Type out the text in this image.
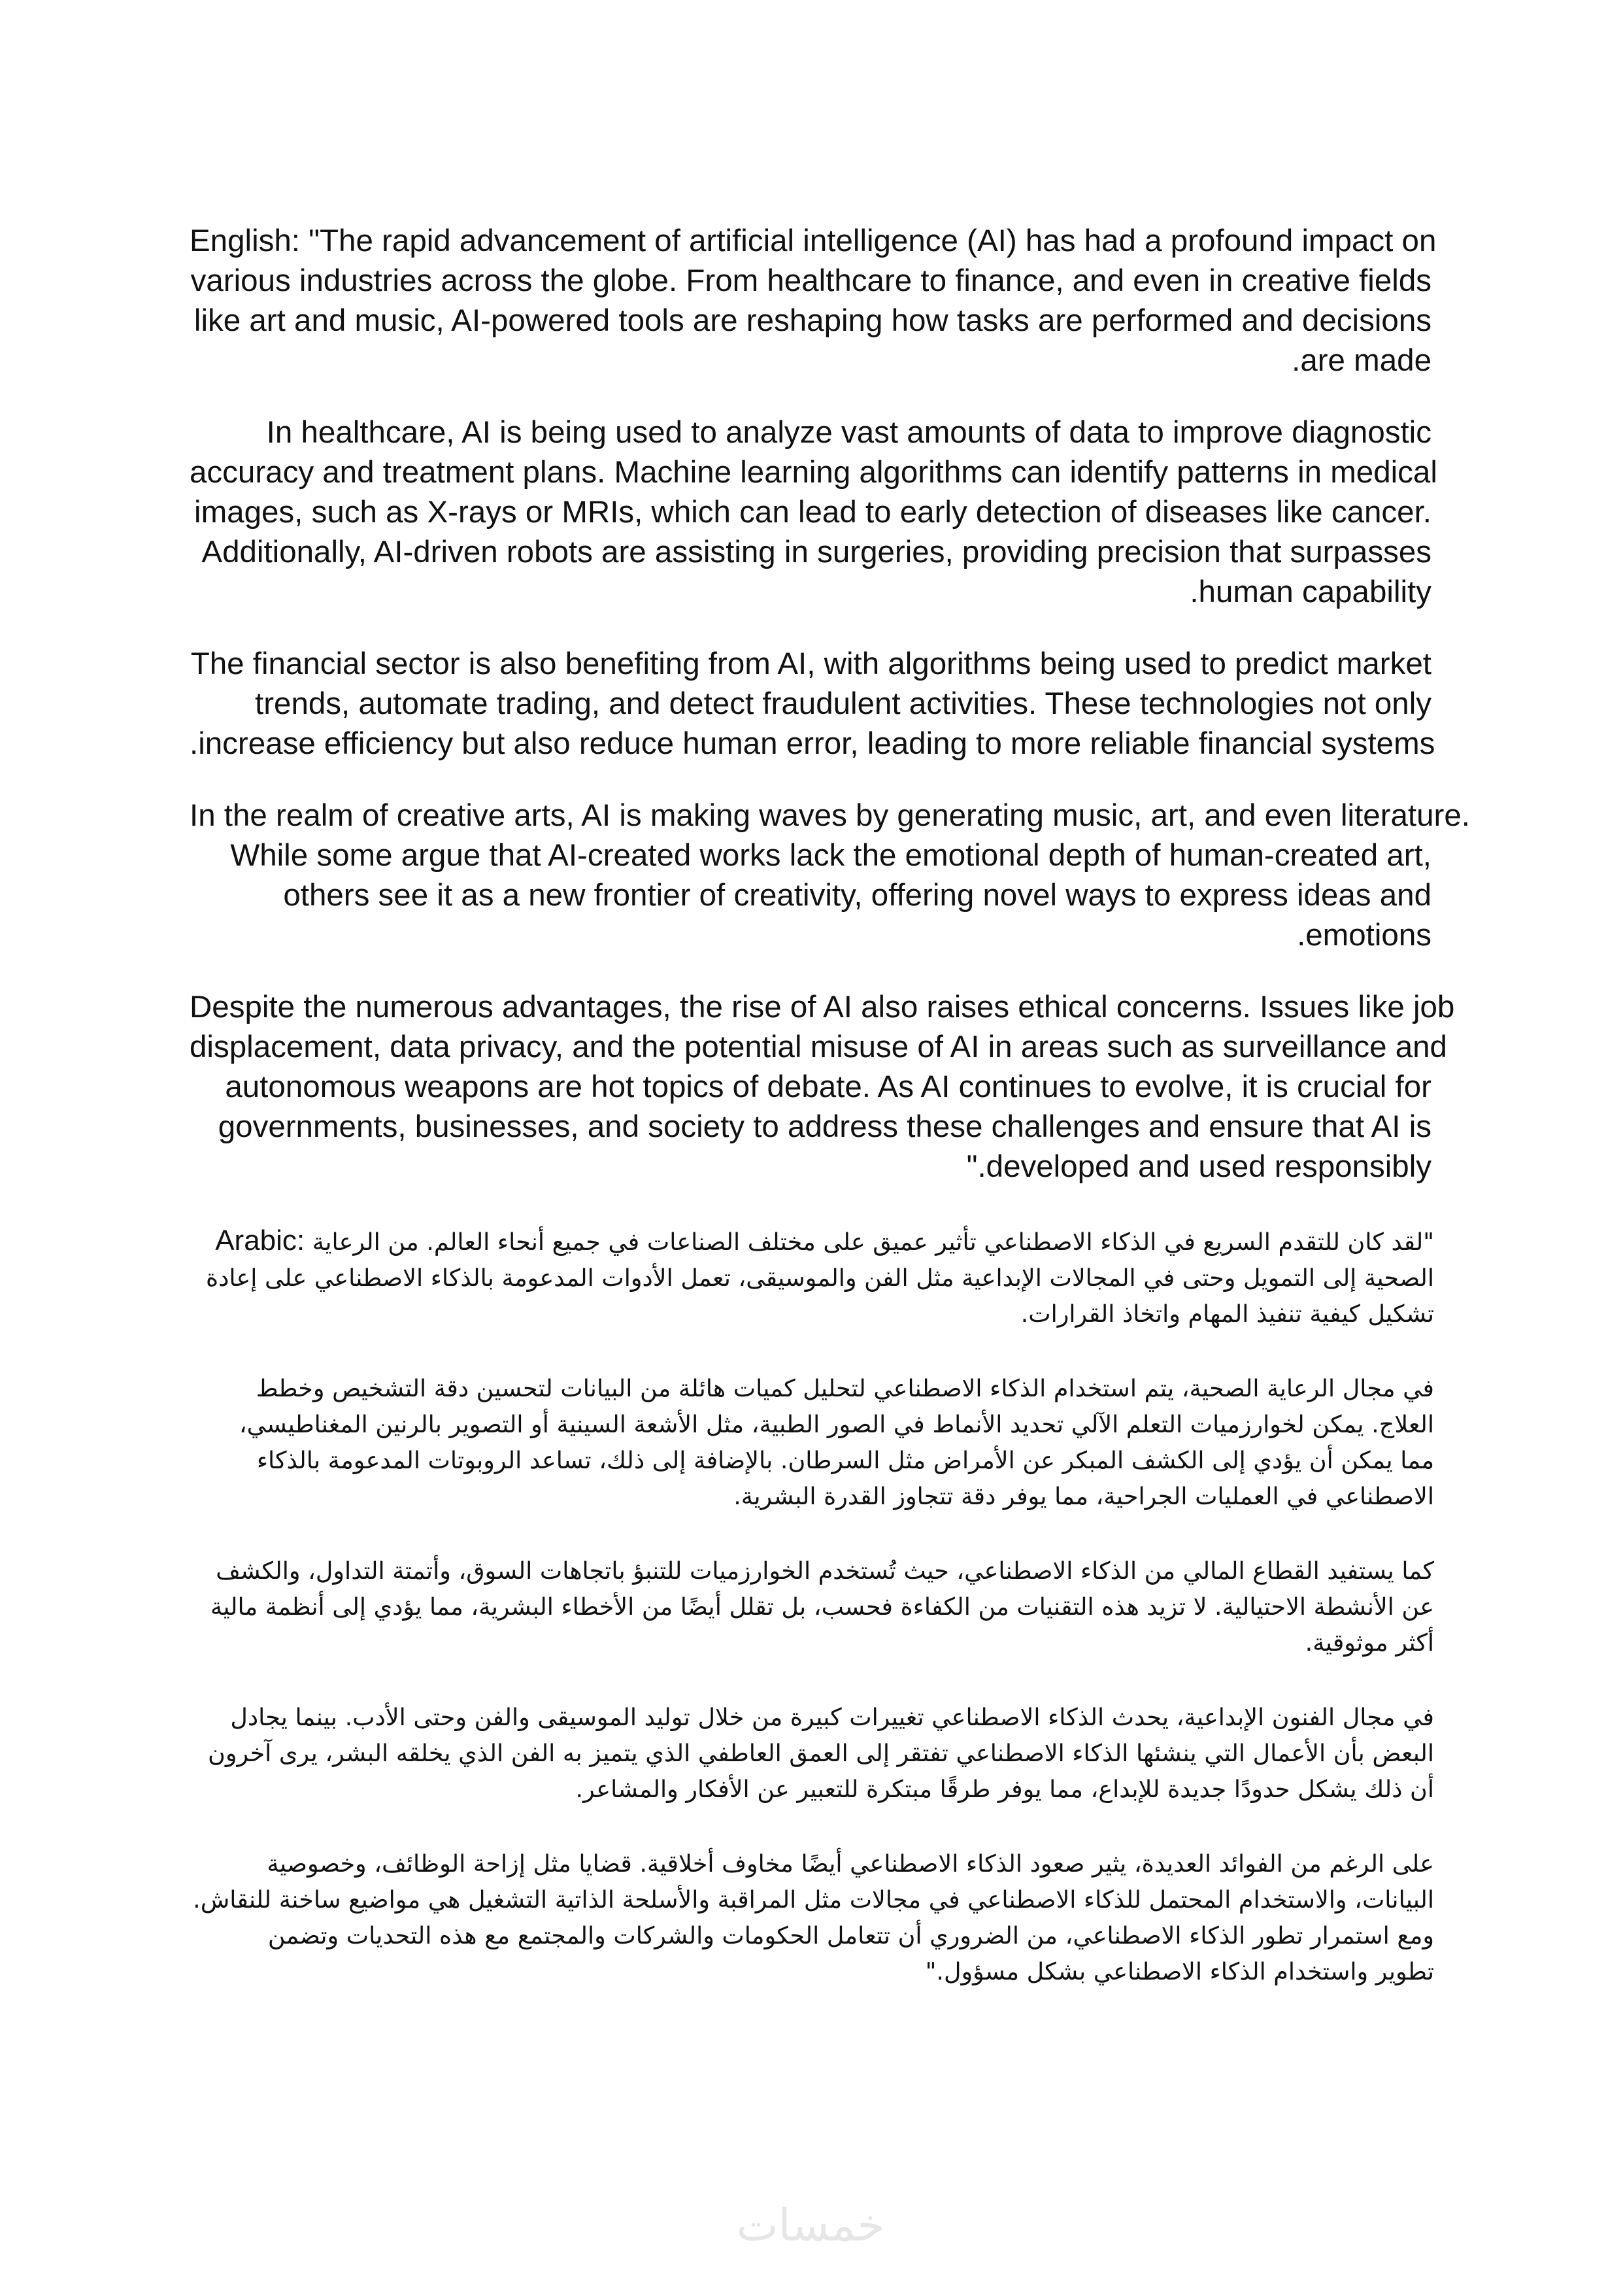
English: "The rapid advancement of artificial intelligence (AI) has had a profound impact on
various industries across the globe. From healthcare to finance, and even in creative fields
like art and music, AI-powered tools are reshaping how tasks are performed and decisions
.are made

In healthcare, AI is being used to analyze vast amounts of data to improve diagnostic
accuracy and treatment plans. Machine learning algorithms can identify patterns in medical
images, such as X-rays or MRIs, which can lead to early detection of diseases like cancer.
Additionally, AI-driven robots are assisting in surgeries, providing precision that surpasses
.human capability

The financial sector is also benefiting from AI, with algorithms being used to predict market
trends, automate trading, and detect fraudulent activities. These technologies not only
.increase efficiency but also reduce human error, leading to more reliable financial systems

In the realm of creative arts, AI is making waves by generating music, art, and even literature.
While some argue that AI-created works lack the emotional depth of human-created art,
others see it as a new frontier of creativity, offering novel ways to express ideas and
.emotions

Despite the numerous advantages, the rise of AI also raises ethical concerns. Issues like job
displacement, data privacy, and the potential misuse of AI in areas such as surveillance and
autonomous weapons are hot topics of debate. As AI continues to evolve, it is crucial for
governments, businesses, and society to address these challenges and ensure that AI is
".developed and used responsibly

Arabic: "لقد كان للتقدم السريع في الذكاء الاصطناعي تأثير عميق على مختلف الصناعات في جميع أنحاء العالم. من الرعاية
الصحية إلى التمويل وحتى في المجالات الإبداعية مثل الفن والموسيقى، تعمل الأدوات المدعومة بالذكاء الاصطناعي على إعادة
تشكيل كيفية تنفيذ المهام واتخاذ القرارات.

في مجال الرعاية الصحية، يتم استخدام الذكاء الاصطناعي لتحليل كميات هائلة من البيانات لتحسين دقة التشخيص وخطط
العلاج. يمكن لخوارزميات التعلم الآلي تحديد الأنماط في الصور الطبية، مثل الأشعة السينية أو التصوير بالرنين المغناطيسي،
مما يمكن أن يؤدي إلى الكشف المبكر عن الأمراض مثل السرطان. بالإضافة إلى ذلك، تساعد الروبوتات المدعومة بالذكاء
الاصطناعي في العمليات الجراحية، مما يوفر دقة تتجاوز القدرة البشرية.

كما يستفيد القطاع المالي من الذكاء الاصطناعي، حيث تُستخدم الخوارزميات للتنبؤ باتجاهات السوق، وأتمتة التداول، والكشف
عن الأنشطة الاحتيالية. لا تزيد هذه التقنيات من الكفاءة فحسب، بل تقلل أيضًا من الأخطاء البشرية، مما يؤدي إلى أنظمة مالية
أكثر موثوقية.

في مجال الفنون الإبداعية، يحدث الذكاء الاصطناعي تغييرات كبيرة من خلال توليد الموسيقى والفن وحتى الأدب. بينما يجادل
البعض بأن الأعمال التي ينشئها الذكاء الاصطناعي تفتقر إلى العمق العاطفي الذي يتميز به الفن الذي يخلقه البشر، يرى آخرون
أن ذلك يشكل حدودًا جديدة للإبداع، مما يوفر طرقًا مبتكرة للتعبير عن الأفكار والمشاعر.

على الرغم من الفوائد العديدة، يثير صعود الذكاء الاصطناعي أيضًا مخاوف أخلاقية. قضايا مثل إزاحة الوظائف، وخصوصية
البيانات، والاستخدام المحتمل للذكاء الاصطناعي في مجالات مثل المراقبة والأسلحة الذاتية التشغيل هي مواضيع ساخنة للنقاش.
ومع استمرار تطور الذكاء الاصطناعي، من الضروري أن تتعامل الحكومات والشركات والمجتمع مع هذه التحديات وتضمن
تطوير واستخدام الذكاء الاصطناعي بشكل مسؤول."

خمسات
